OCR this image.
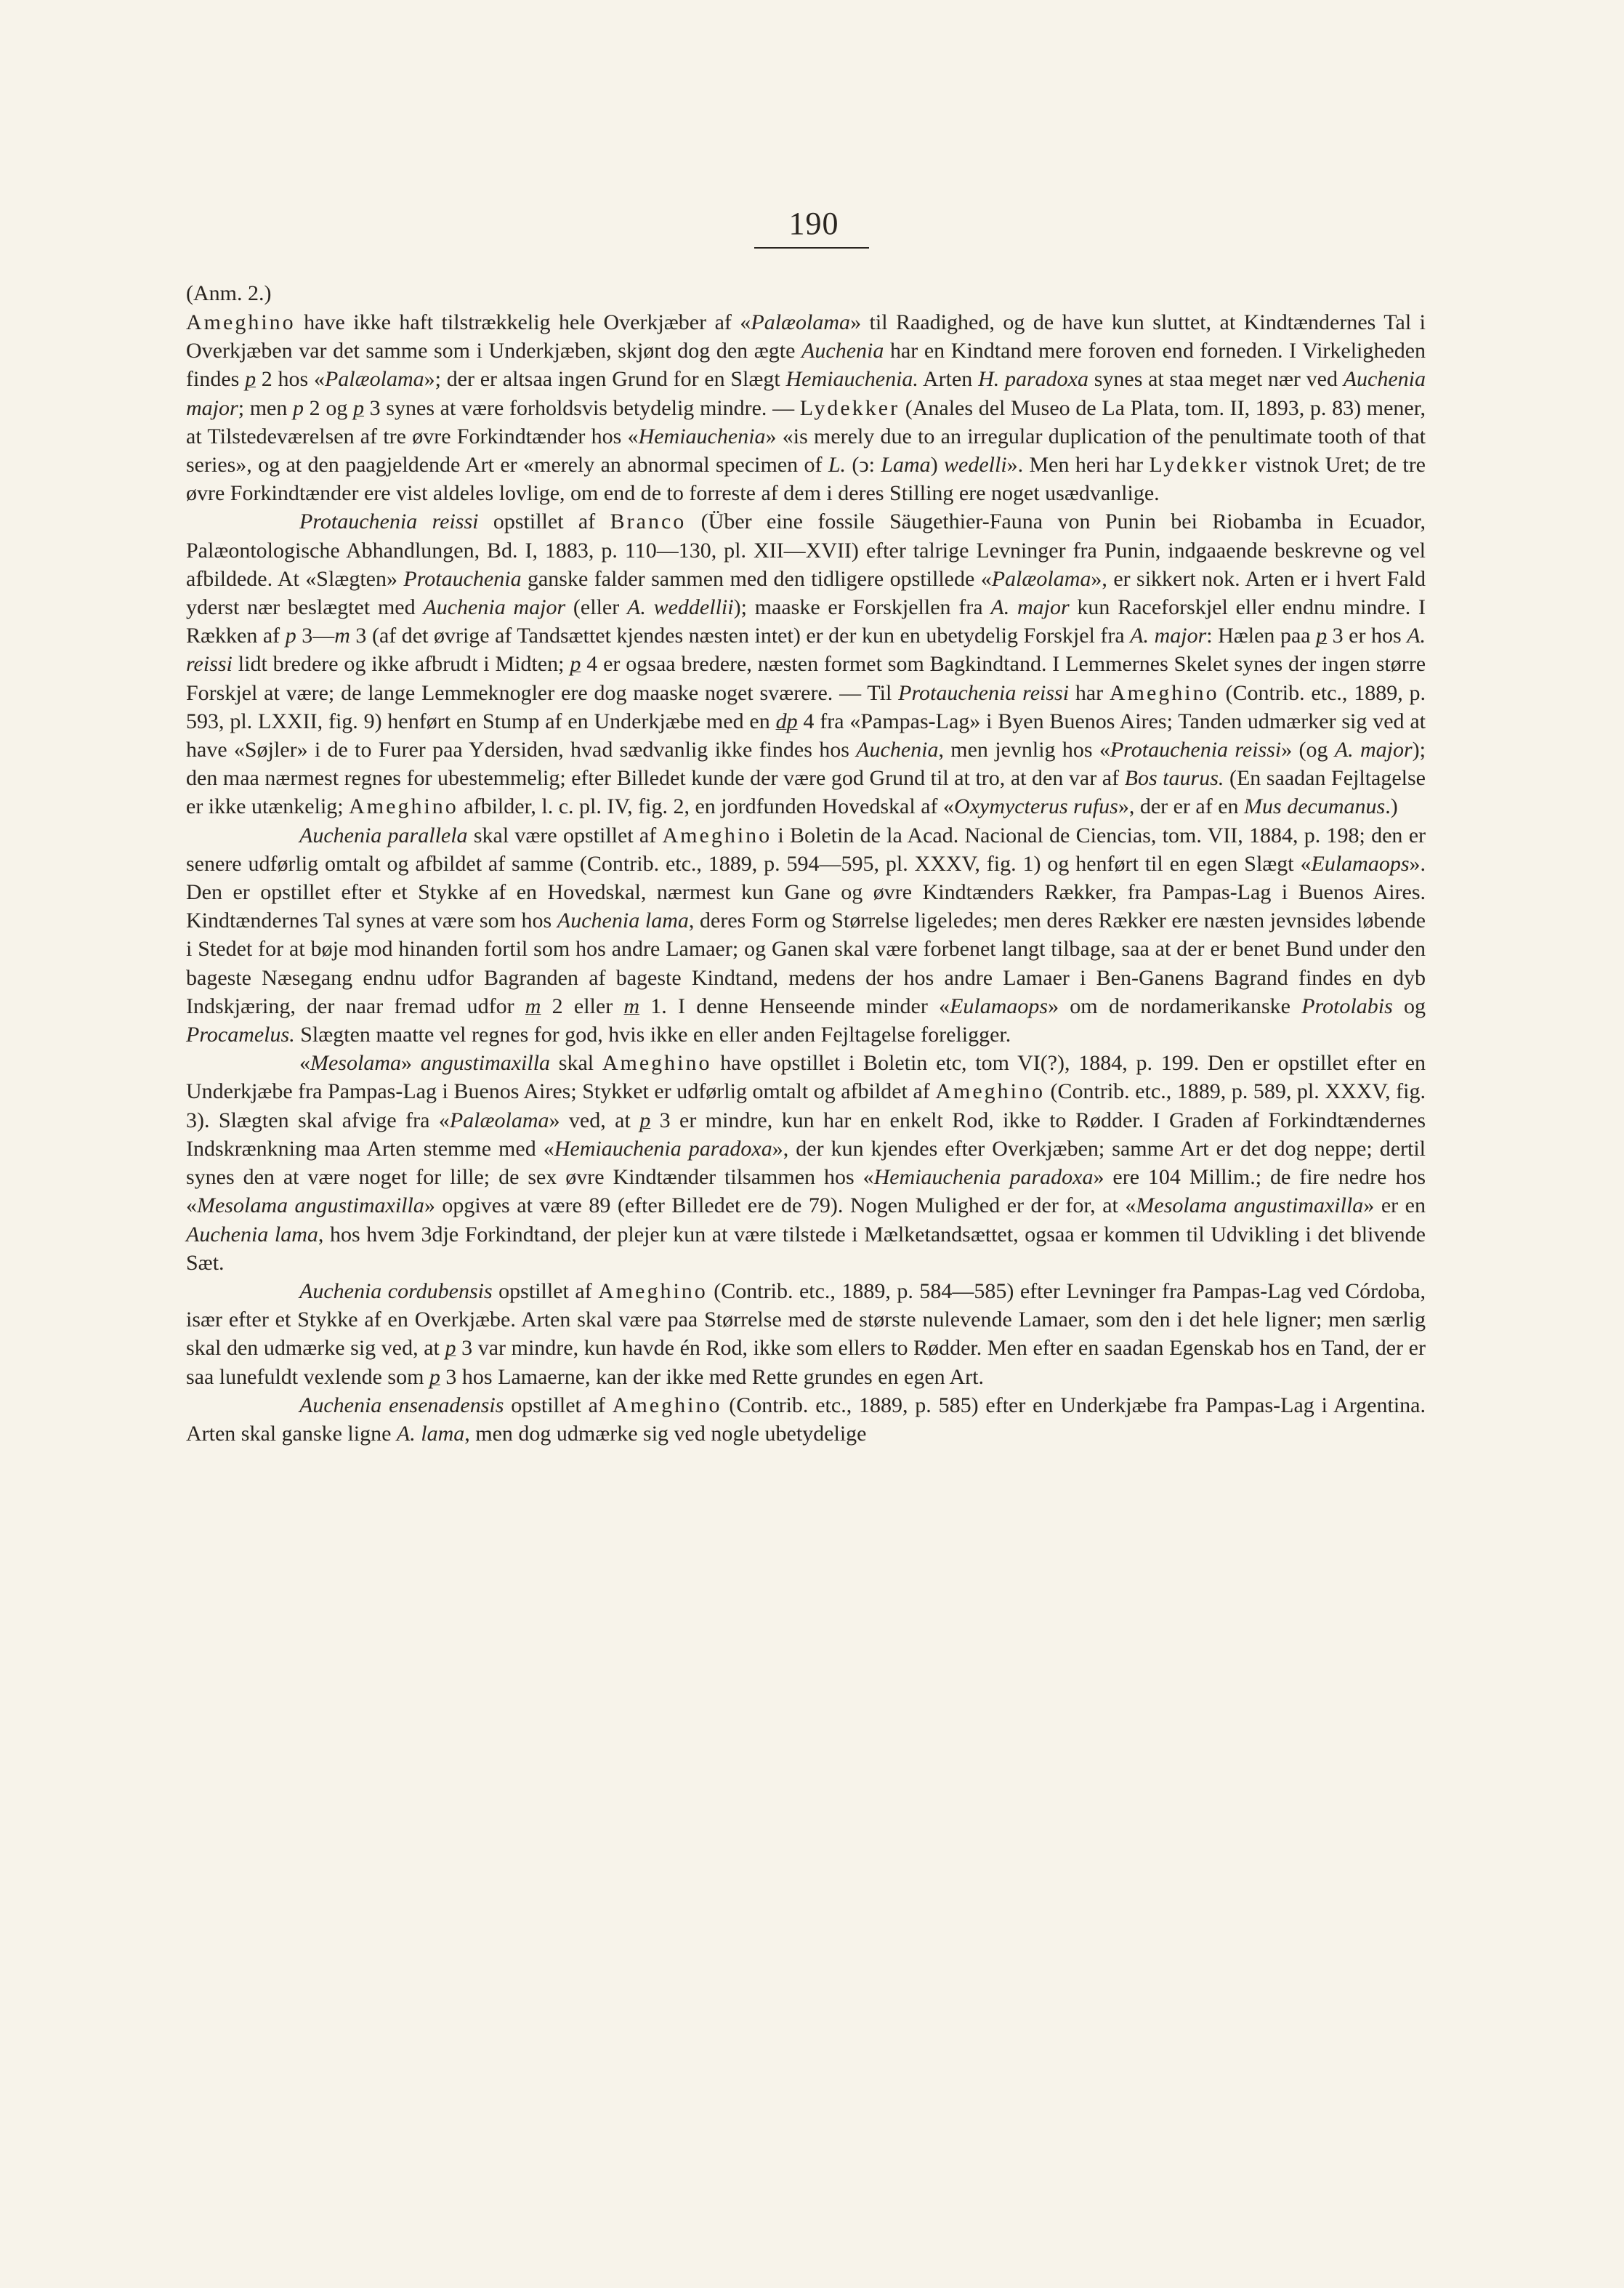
190
(Anm. 2.)

Ameghino have ikke haft tilstrækkelig hele Overkjæber af «Palæolama» til Raadighed, og de have kun sluttet, at Kindtændernes Tal i Overkjæben var det samme som i Underkjæben, skjønt dog den ægte Auchenia har en Kindtand mere foroven end forneden. I Virkeligheden findes p 2 hos «Palæolama»; der er altsaa ingen Grund for en Slægt Hemiauchenia. Arten H. paradoxa synes at staa meget nær ved Auchenia major; men p 2 og p 3 synes at være forholdsvis betydelig mindre. — Lydekker (Anales del Museo de La Plata, tom. II, 1893, p. 83) mener, at Tilstedeværelsen af tre øvre Forkindtænder hos «Hemiauchenia» «is merely due to an irregular duplication of the penultimate tooth of that series», og at den paagjeldende Art er «merely an abnormal specimen of L. (ↄ: Lama) wedelli». Men heri har Lydekker vistnok Uret; de tre øvre Forkindtænder ere vist aldeles lovlige, om end de to forreste af dem i deres Stilling ere noget usædvanlige.

Protauchenia reissi opstillet af Branco (Über eine fossile Säugethier-Fauna von Punin bei Riobamba in Ecuador, Palæontologische Abhandlungen, Bd. I, 1883, p. 110—130, pl. XII—XVII) efter talrige Levninger fra Punin, indgaaende beskrevne og vel afbildede. At «Slægten» Protauchenia ganske falder sammen med den tidligere opstillede «Palæolama», er sikkert nok. Arten er i hvert Fald yderst nær beslægtet med Auchenia major (eller A. weddellii); maaske er Forskjellen fra A. major kun Raceforskjel eller endnu mindre. I Rækken af p 3—m 3 (af det øvrige af Tandsættet kjendes næsten intet) er der kun en ubetydelig Forskjel fra A. major: Hælen paa p 3 er hos A. reissi lidt bredere og ikke afbrudt i Midten; p 4 er ogsaa bredere, næsten formet som Bagkindtand. I Lemmernes Skelet synes der ingen større Forskjel at være; de lange Lemmeknogler ere dog maaske noget sværere. — Til Protauchenia reissi har Ameghino (Contrib. etc., 1889, p. 593, pl. LXXII, fig. 9) henført en Stump af en Underkjæbe med en dp 4 fra «Pampas-Lag» i Byen Buenos Aires; Tanden udmærker sig ved at have «Søjler» i de to Furer paa Ydersiden, hvad sædvanlig ikke findes hos Auchenia, men jevnlig hos «Protauchenia reissi» (og A. major); den maa nærmest regnes for ubestemmelig; efter Billedet kunde der være god Grund til at tro, at den var af Bos taurus. (En saadan Fejltagelse er ikke utænkelig; Ameghino afbilder, l. c. pl. IV, fig. 2, en jordfunden Hovedskal af «Oxymycterus rufus», der er af en Mus decumanus.)

Auchenia parallela skal være opstillet af Ameghino i Boletin de la Acad. Nacional de Ciencias, tom. VII, 1884, p. 198; den er senere udførlig omtalt og afbildet af samme (Contrib. etc., 1889, p. 594—595, pl. XXXV, fig. 1) og henført til en egen Slægt «Eulamaops». Den er opstillet efter et Stykke af en Hovedskal, nærmest kun Gane og øvre Kindtænders Rækker, fra Pampas-Lag i Buenos Aires. Kindtændernes Tal synes at være som hos Auchenia lama, deres Form og Størrelse ligeledes; men deres Rækker ere næsten jevnsides løbende i Stedet for at bøje mod hinanden fortil som hos andre Lamaer; og Ganen skal være forbenet langt tilbage, saa at der er benet Bund under den bageste Næsegang endnu udfor Bagranden af bageste Kindtand, medens der hos andre Lamaer i Ben-Ganens Bagrand findes en dyb Indskjæring, der naar fremad udfor m 2 eller m 1. I denne Henseende minder «Eulamaops» om de nordamerikanske Protolabis og Procamelus. Slægten maatte vel regnes for god, hvis ikke en eller anden Fejltagelse foreligger.

«Mesolama» angustimaxilla skal Ameghino have opstillet i Boletin etc, tom VI(?), 1884, p. 199. Den er opstillet efter en Underkjæbe fra Pampas-Lag i Buenos Aires; Stykket er udførlig omtalt og afbildet af Ameghino (Contrib. etc., 1889, p. 589, pl. XXXV, fig. 3). Slægten skal afvige fra «Palæolama» ved, at p 3 er mindre, kun har en enkelt Rod, ikke to Rødder. I Graden af Forkindtændernes Indskrænkning maa Arten stemme med «Hemiauchenia paradoxa», der kun kjendes efter Overkjæben; samme Art er det dog neppe; dertil synes den at være noget for lille; de sex øvre Kindtænder tilsammen hos «Hemiauchenia paradoxa» ere 104 Millim.; de fire nedre hos «Mesolama angustimaxilla» opgives at være 89 (efter Billedet ere de 79). Nogen Mulighed er der for, at «Mesolama angustimaxilla» er en Auchenia lama, hos hvem 3dje Forkindtand, der plejer kun at være tilstede i Mælketandsættet, ogsaa er kommen til Udvikling i det blivende Sæt.

Auchenia cordubensis opstillet af Ameghino (Contrib. etc., 1889, p. 584—585) efter Levninger fra Pampas-Lag ved Córdoba, især efter et Stykke af en Overkjæbe. Arten skal være paa Størrelse med de største nulevende Lamaer, som den i det hele ligner; men særlig skal den udmærke sig ved, at p 3 var mindre, kun havde én Rod, ikke som ellers to Rødder. Men efter en saadan Egenskab hos en Tand, der er saa lunefuldt vexlende som p 3 hos Lamaerne, kan der ikke med Rette grundes en egen Art.

Auchenia ensenadensis opstillet af Ameghino (Contrib. etc., 1889, p. 585) efter en Underkjæbe fra Pampas-Lag i Argentina. Arten skal ganske ligne A. lama, men dog udmærke sig ved nogle ubetydelige
